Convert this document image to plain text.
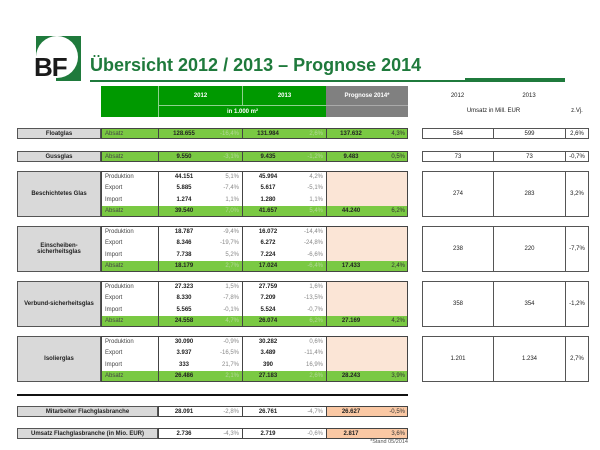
BF Übersicht 2012 / 2013 – Prognose 2014
2012	2013	Prognose 2014*
in 1.000 m²
2012	2013
Umsatz in Mill. EUR	z.Vj.
Floatglas	Absatz	128.655	-16,4%	131.984	2,6%	137.632	4,3%	584	599	2,6%
Gussglas	Absatz	9.550	-3,1%	9.435	-1,2%	9.483	0,5%	73	73	-0,7%
Beschichtetes Glas
Produktion	44.151	5,1%	45.994	4,2%
Export	5.885	-7,4%	5.617	-5,1%
Import	1.274	1,1%	1.280	1,1%
Absatz	39.540	7,0%	41.657	5,4%	44.240	6,2%
274	283	3,2%
Einscheiben-sicherheitsglas
Produktion	18.787	-9,4%	16.072	-14,4%
Export	8.346	-19,7%	6.272	-24,8%
Import	7.738	5,2%	7.224	-6,6%
Absatz	18.179	2,7%	17.024	-6,4%	17.433	2,4%
238	220	-7,7%
Verbund-sicherheitsglas
Produktion	27.323	1,5%	27.759	1,6%
Export	8.330	-7,8%	7.209	-13,5%
Import	5.565	-0,1%	5.524	-0,7%
Absatz	24.558	4,7%	26.074	6,2%	27.169	4,2%
358	354	-1,2%
Isolierglas
Produktion	30.090	-0,9%	30.282	0,6%
Export	3.937	-16,5%	3.489	-11,4%
Import	333	21,7%	390	16,9%
Absatz	26.486	2,1%	27.183	2,6%	28.243	3,9%
1.201	1.234	2,7%
Mitarbeiter Flachglasbranche	28.091	-2,8%	26.761	-4,7%	26.627	-0,5%
Umsatz Flachglasbranche (in Mio. EUR)	2.736	-4,3%	2.719	-0,6%	2.817	3,6%
*Stand 05/2014
